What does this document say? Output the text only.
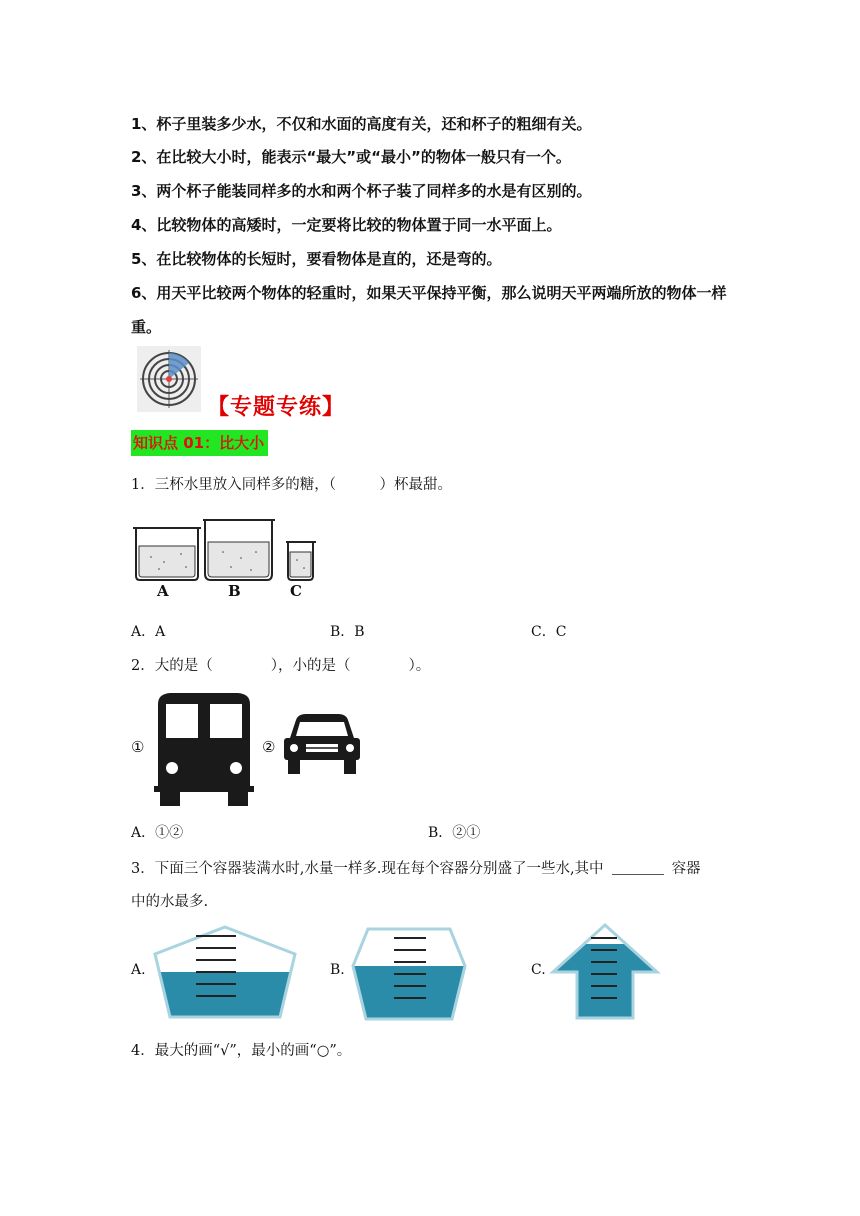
1、杯子里装多少水，不仅和水面的高度有关，还和杯子的粗细有关。
2、在比较大小时，能表示“最大”或“最小”的物体一般只有一个。
3、两个杯子能装同样多的水和两个杯子装了同样多的水是有区别的。
4、比较物体的高矮时，一定要将比较的物体置于同一水平面上。
5、在比较物体的长短时，要看物体是直的，还是弯的。
6、用天平比较两个物体的轻重时，如果天平保持平衡，那么说明天平两端所放的物体一样
重。
【专题专练】
知识点 01：比大小
1．三杯水里放入同样多的糖，（　　　）杯最甜。
A	B	C
A．A	B．B	C．C
2．大的是（　　　　），小的是（　　　　）。
①	②
A．①②	B．②①
3．下面三个容器装满水时,水量一样多.现在每个容器分别盛了一些水,其中	容器
中的水最多.
A.	B.	C.
4．最大的画“√”，最小的画“○”。
